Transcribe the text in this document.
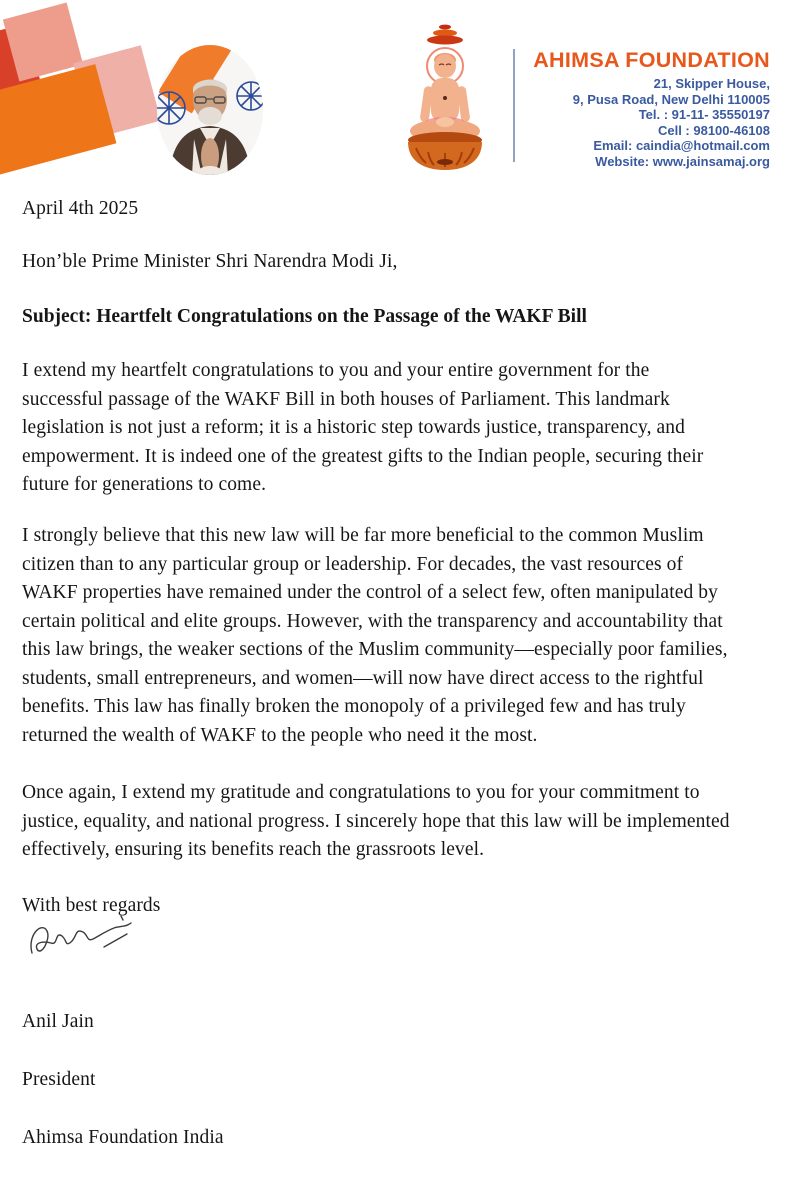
AHIMSA FOUNDATION
21, Skipper House,
9, Pusa Road, New Delhi 110005
Tel. : 91-11- 35550197
Cell : 98100-46108
Email: caindia@hotmail.com
Website: www.jainsamaj.org
April 4th 2025
Hon’ble Prime Minister Shri Narendra Modi Ji,
Subject: Heartfelt Congratulations on the Passage of the WAKF Bill
I extend my heartfelt congratulations to you and your entire government for the
successful passage of the WAKF Bill in both houses of Parliament. This landmark
legislation is not just a reform; it is a historic step towards justice, transparency, and
empowerment. It is indeed one of the greatest gifts to the Indian people, securing their
future for generations to come.
I strongly believe that this new law will be far more beneficial to the common Muslim
citizen than to any particular group or leadership. For decades, the vast resources of
WAKF properties have remained under the control of a select few, often manipulated by
certain political and elite groups. However, with the transparency and accountability that
this law brings, the weaker sections of the Muslim community—especially poor families,
students, small entrepreneurs, and women—will now have direct access to the rightful
benefits. This law has finally broken the monopoly of a privileged few and has truly
returned the wealth of WAKF to the people who need it the most.
Once again, I extend my gratitude and congratulations to you for your commitment to
justice, equality, and national progress. I sincerely hope that this law will be implemented
effectively, ensuring its benefits reach the grassroots level.
With best regards

Anil Jain

President

Ahimsa Foundation India
